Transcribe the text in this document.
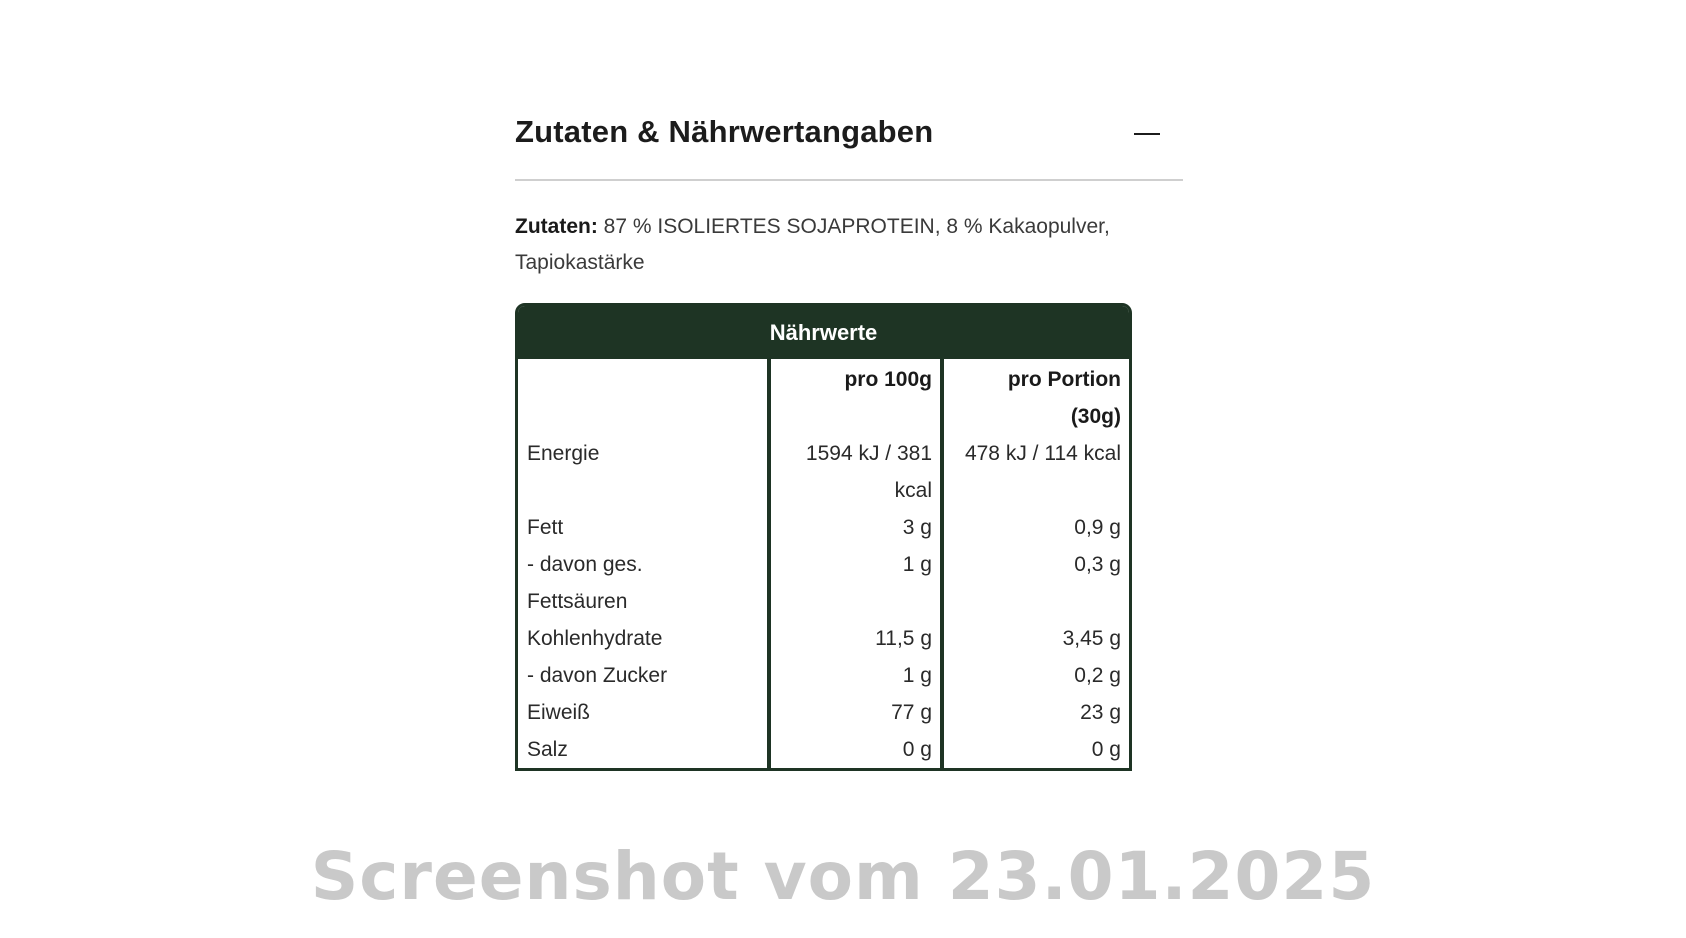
Zutaten & Nährwertangaben

Zutaten: 87 % ISOLIERTES SOJAPROTEIN, 8 % Kakaopulver, Tapiokastärke

Nährwerte

Energie

Fett
- davon ges. Fettsäuren
Kohlenhydrate
- davon Zucker
Eiweiß
Salz
pro 100g

1594 kJ / 381 kcal
3 g
1 g

11,5 g
1 g
77 g
0 g
pro Portion (30g)
478 kJ / 114 kcal

0,9 g
0,3 g

3,45 g
0,2 g
23 g
0 g
Screenshot vom 23.01.2025
